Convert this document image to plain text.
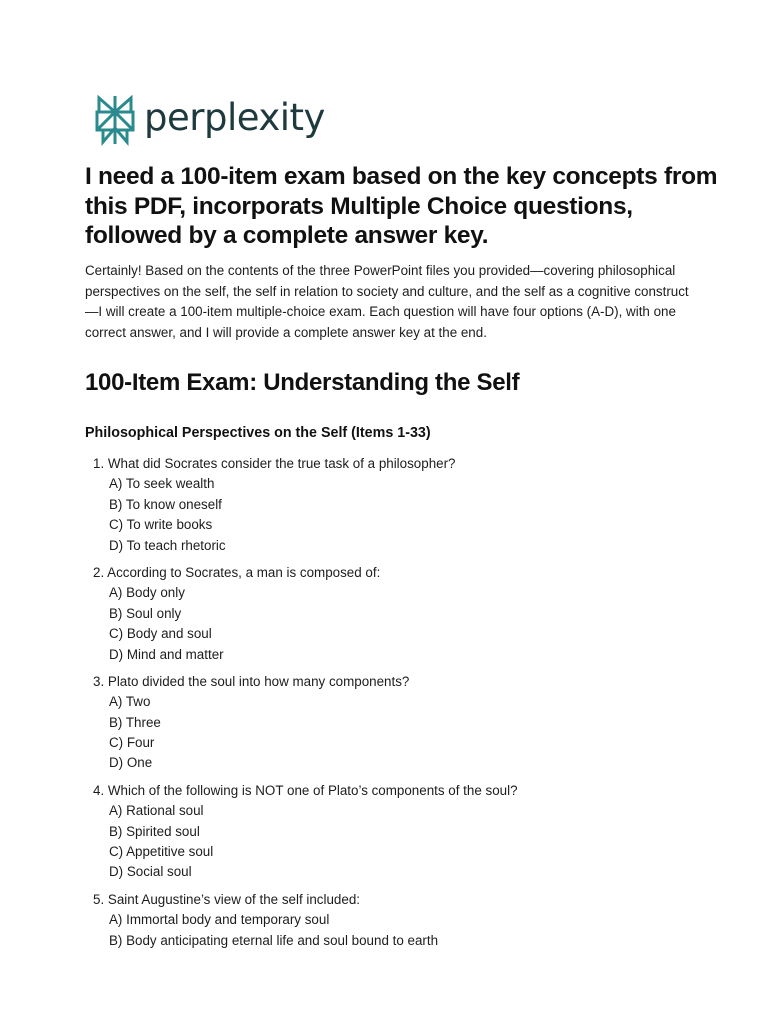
perplexity
I need a 100-item exam based on the key concepts from this PDF, incorporats Multiple Choice questions, followed by a complete answer key.

Certainly! Based on the contents of the three PowerPoint files you provided—covering philosophical perspectives on the self, the self in relation to society and culture, and the self as a cognitive construct—I will create a 100-item multiple-choice exam. Each question will have four options (A-D), with one correct answer, and I will provide a complete answer key at the end.

100-Item Exam: Understanding the Self
Philosophical Perspectives on the Self (Items 1-33)
1. What did Socrates consider the true task of a philosopher?
A) To seek wealth
B) To know oneself
C) To write books
D) To teach rhetoric
2. According to Socrates, a man is composed of:
A) Body only
B) Soul only
C) Body and soul
D) Mind and matter
3. Plato divided the soul into how many components?
A) Two
B) Three
C) Four
D) One
4. Which of the following is NOT one of Plato’s components of the soul?
A) Rational soul
B) Spirited soul
C) Appetitive soul
D) Social soul
5. Saint Augustine’s view of the self included:
A) Immortal body and temporary soul
B) Body anticipating eternal life and soul bound to earth
